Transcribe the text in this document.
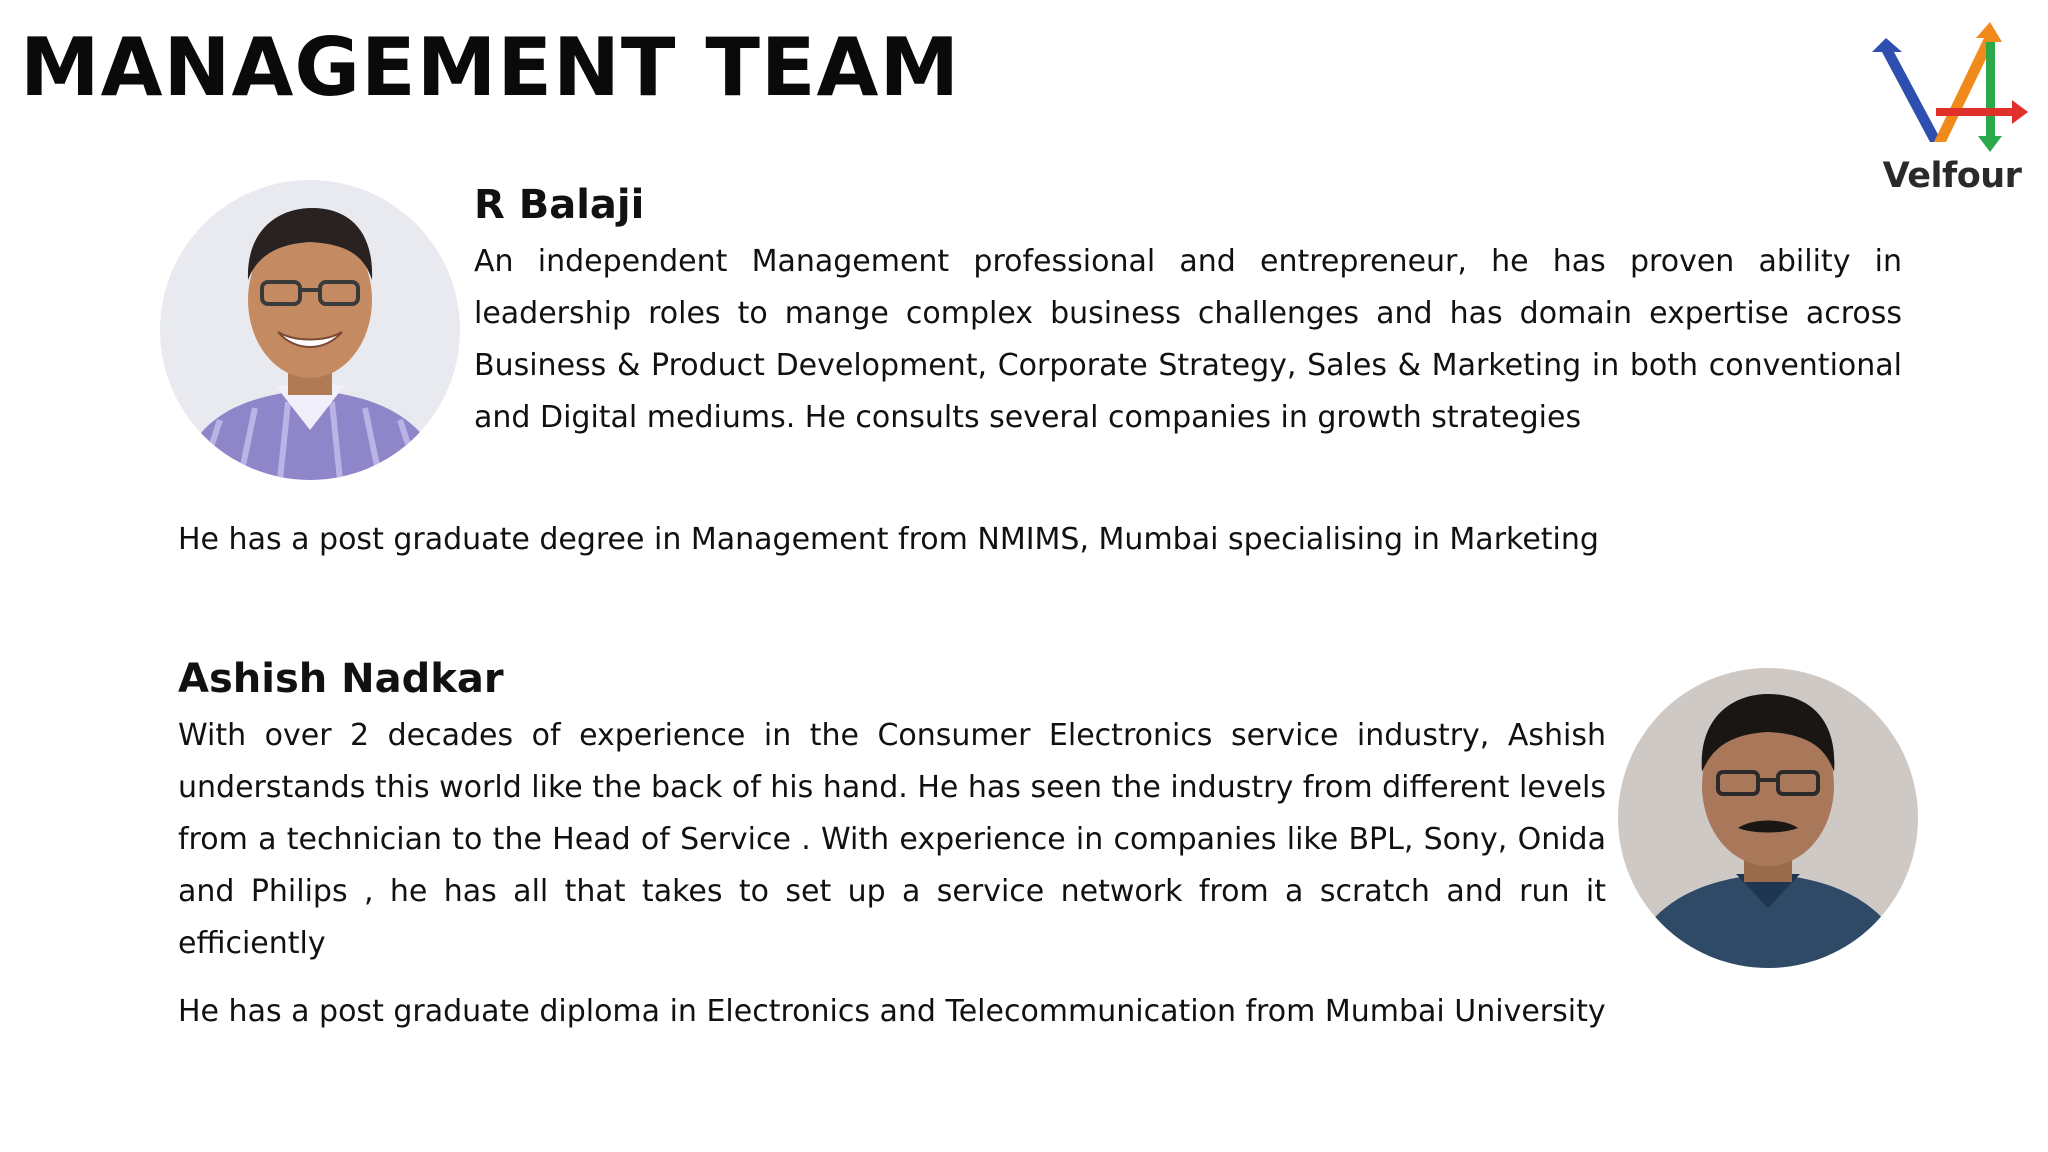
MANAGEMENT TEAM
Velfour
R Balaji

An independent Management professional and entrepreneur, he has proven ability in leadership roles to mange complex business challenges and has domain expertise across Business & Product Development, Corporate Strategy, Sales & Marketing in both conventional and Digital mediums. He consults several companies in growth strategies

He has a post graduate degree in Management from NMIMS, Mumbai specialising in Marketing

Ashish Nadkar

With over 2 decades of experience in the Consumer Electronics service industry, Ashish understands this world like the back of his hand. He has seen the industry from different levels from a technician to the Head of Service . With experience in companies like BPL, Sony, Onida and Philips , he has all that takes to set up a service network from a scratch and run it efficiently

He has a post graduate diploma in Electronics and Telecommunication from Mumbai University
